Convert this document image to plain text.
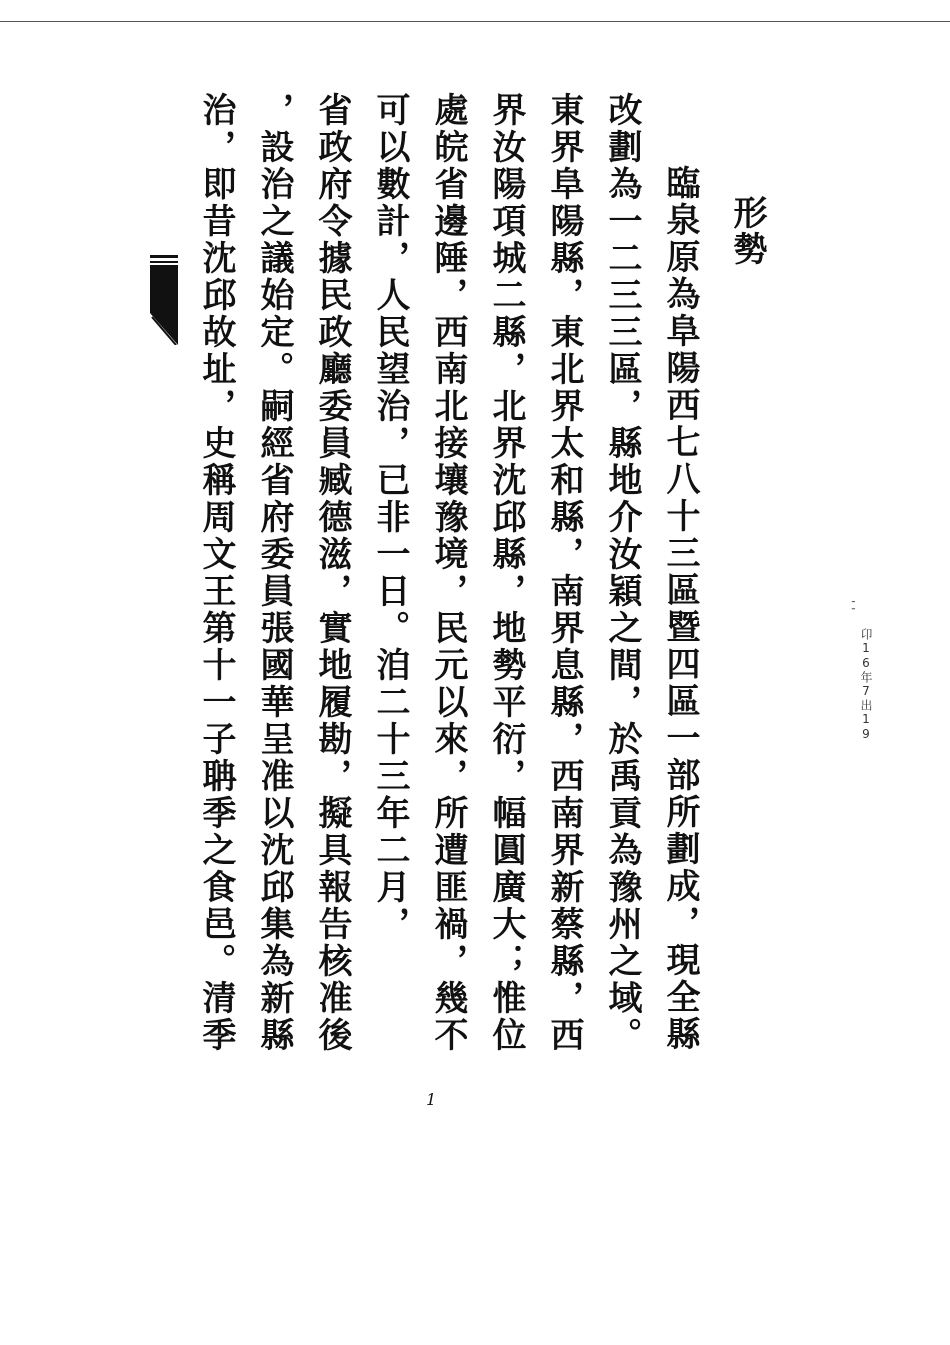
形勢
臨泉原為阜陽西七八十三區暨四區一部所劃成，現全縣
改劃為一二三三區，縣地介汝穎之間，於禹貢為豫州之域。
東界阜陽縣，東北界太和縣，南界息縣，西南界新蔡縣，西
界汝陽項城二縣，北界沈邱縣，地勢平衍，幅圓廣大；惟位
處皖省邊陲，西南北接壤豫境，民元以來，所遭匪禍，幾不
可以數計，人民望治，已非一日。洎二十三年二月，
省政府令據民政廳委員臧德滋，實地履勘，擬具報告核准後
，設治之議始定。嗣經省府委員張國華呈准以沈邱集為新縣
治，即昔沈邱故址，史稱周文王第十一子聃季之食邑。清季
1
' '
卬16年7出19
